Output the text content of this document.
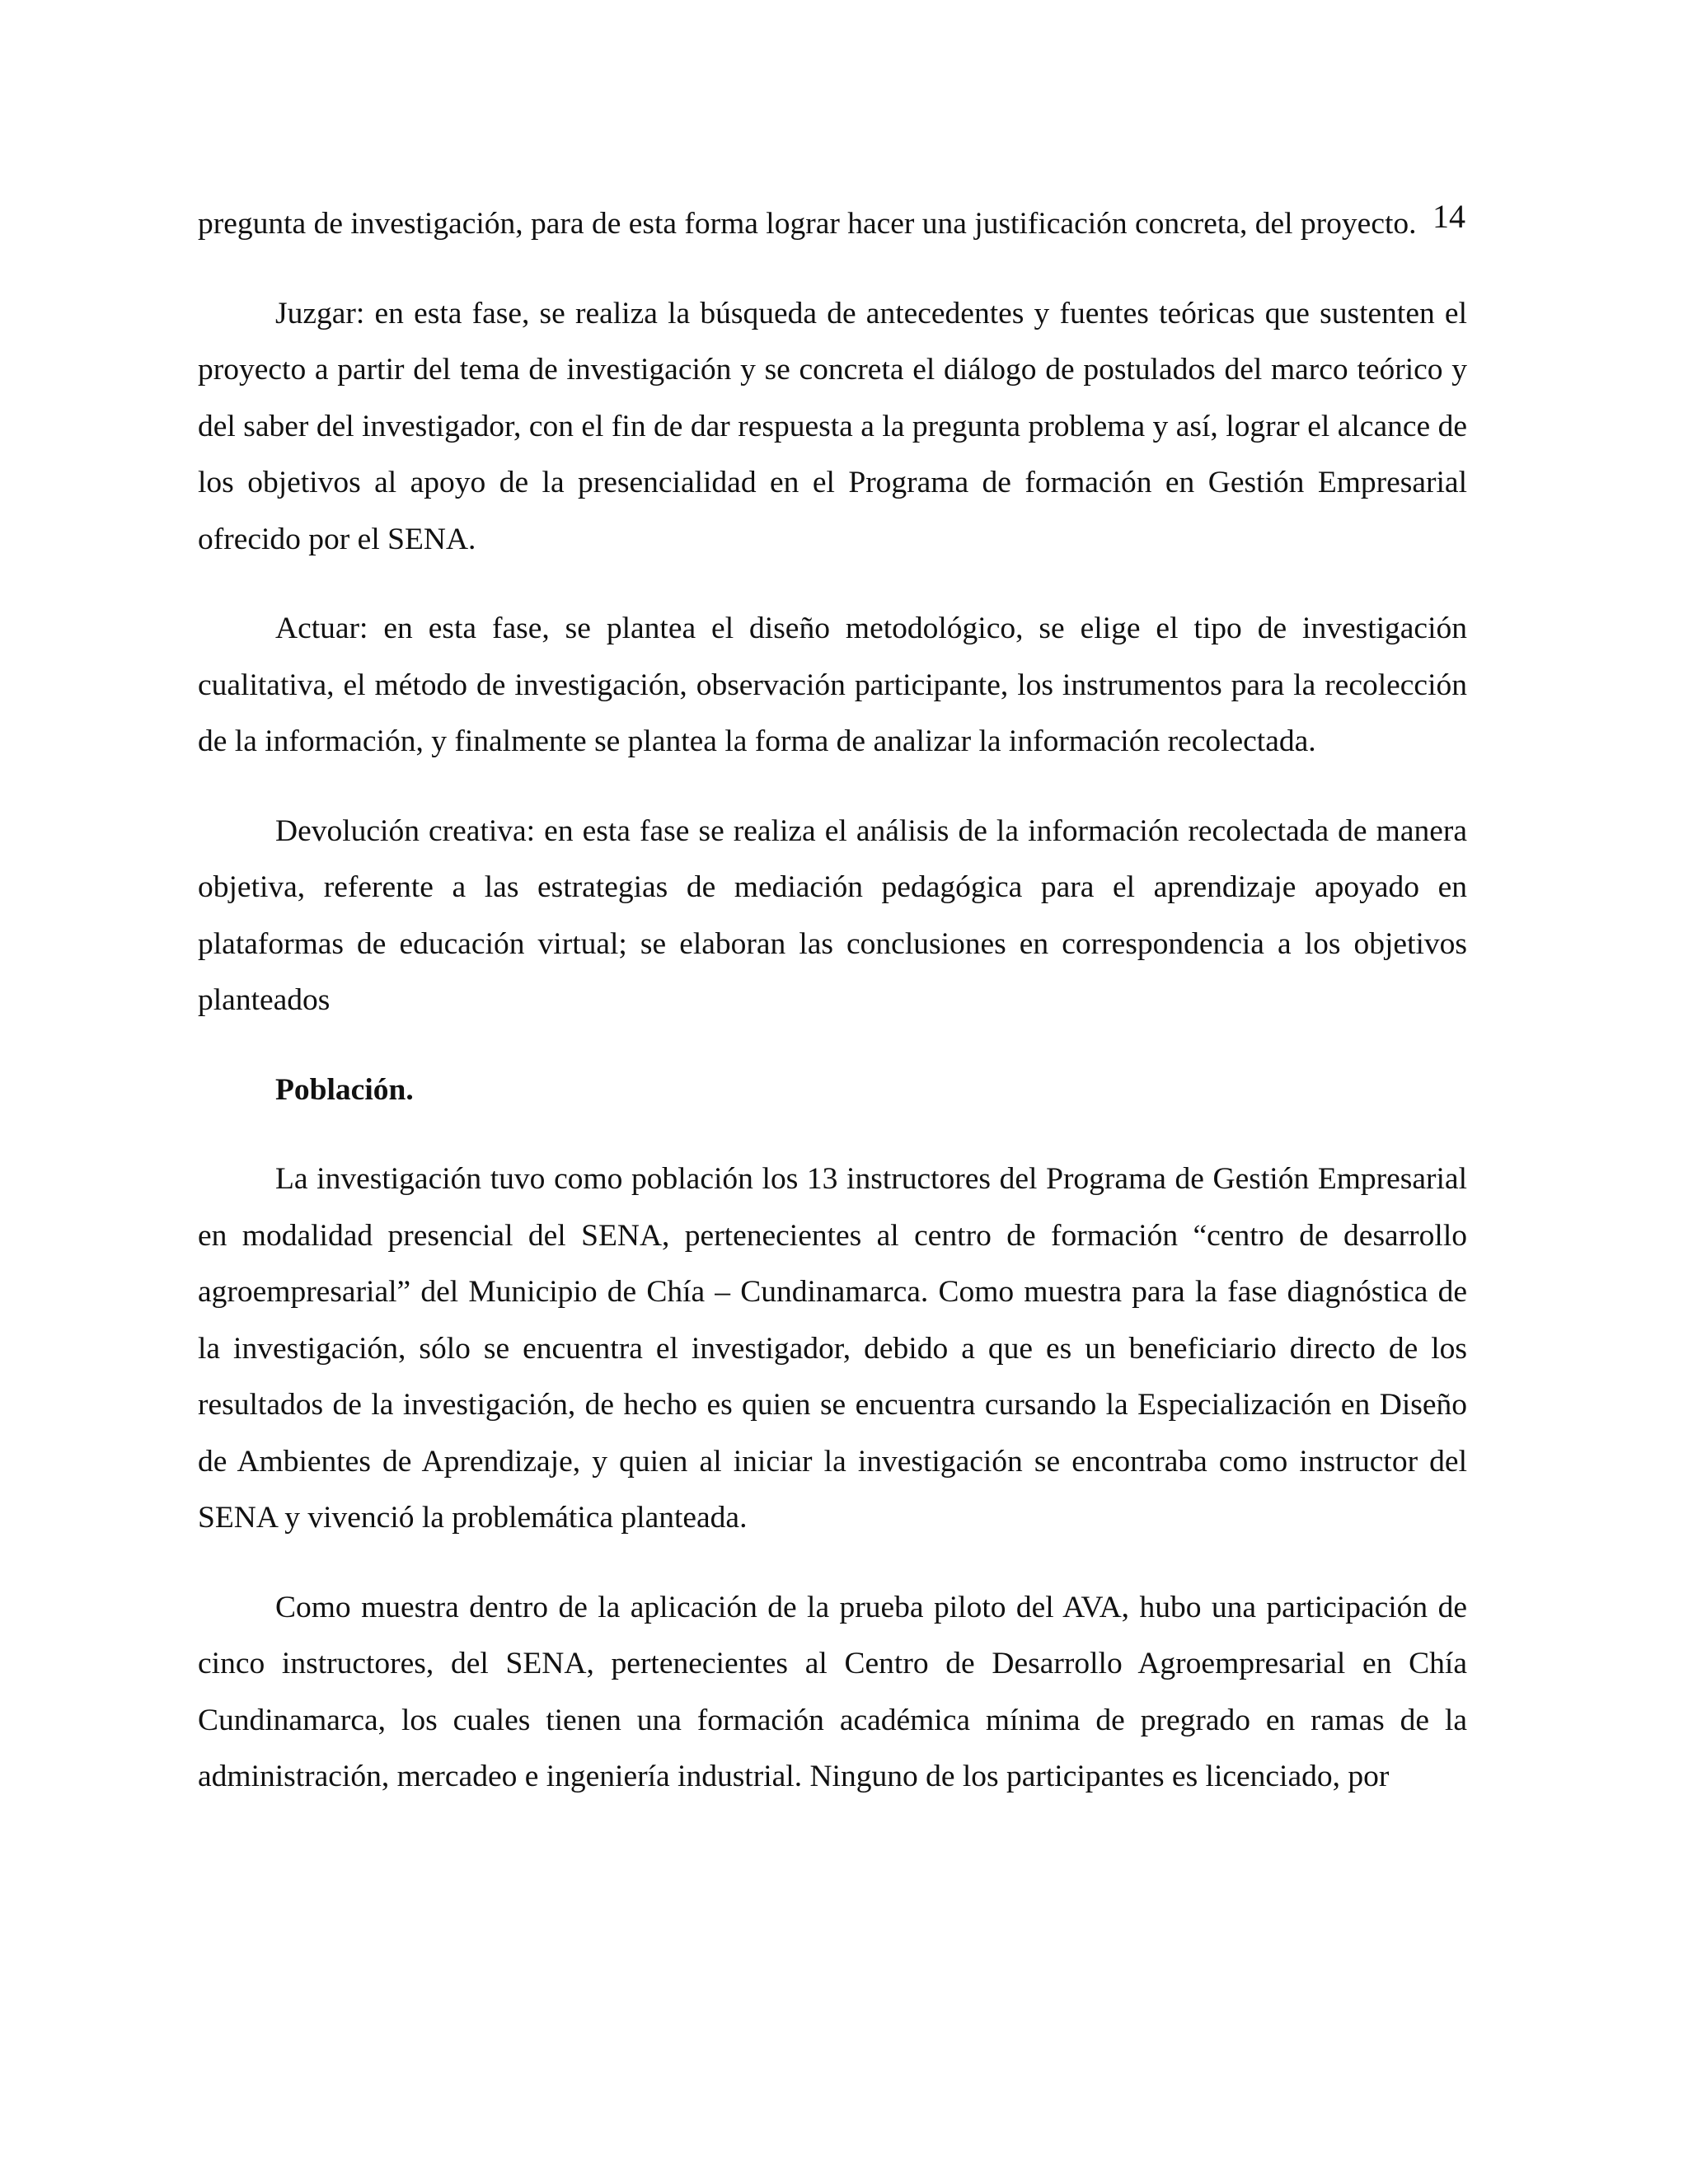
14

pregunta de investigación, para de esta forma lograr hacer una justificación concreta, del proyecto.

Juzgar: en esta fase, se realiza la búsqueda de antecedentes y fuentes teóricas que sustenten el proyecto a partir del tema de investigación y se concreta el diálogo de postulados del marco teórico y del saber del investigador, con el fin de dar respuesta a la pregunta problema y así, lograr el alcance de los objetivos al apoyo de la presencialidad en el Programa de formación en Gestión Empresarial ofrecido por el SENA.

Actuar: en esta fase, se plantea el diseño metodológico, se elige el tipo de investigación cualitativa, el método de investigación, observación participante, los instrumentos para la recolección de la información, y finalmente se plantea la forma de analizar la información recolectada.

Devolución creativa: en esta fase se realiza el análisis de la información recolectada de manera objetiva, referente a las estrategias de mediación pedagógica para el aprendizaje apoyado en plataformas de educación virtual; se elaboran las conclusiones en correspondencia a los objetivos planteados

Población.

La investigación tuvo como población los 13 instructores del Programa de Gestión Empresarial en modalidad presencial del SENA, pertenecientes al centro de formación “centro de desarrollo agroempresarial” del Municipio de Chía – Cundinamarca. Como muestra para la fase diagnóstica de la investigación, sólo se encuentra el investigador, debido a que es un beneficiario directo de los resultados de la investigación, de hecho es quien se encuentra cursando la Especialización en Diseño de Ambientes de Aprendizaje, y quien al iniciar la investigación se encontraba como instructor del SENA y vivenció la problemática planteada.

Como muestra dentro de la aplicación de la prueba piloto del AVA, hubo una participación de cinco instructores, del SENA, pertenecientes al Centro de Desarrollo Agroempresarial en Chía Cundinamarca, los cuales tienen una formación académica mínima de pregrado en ramas de la administración, mercadeo e ingeniería industrial. Ninguno de los participantes es licenciado, por
